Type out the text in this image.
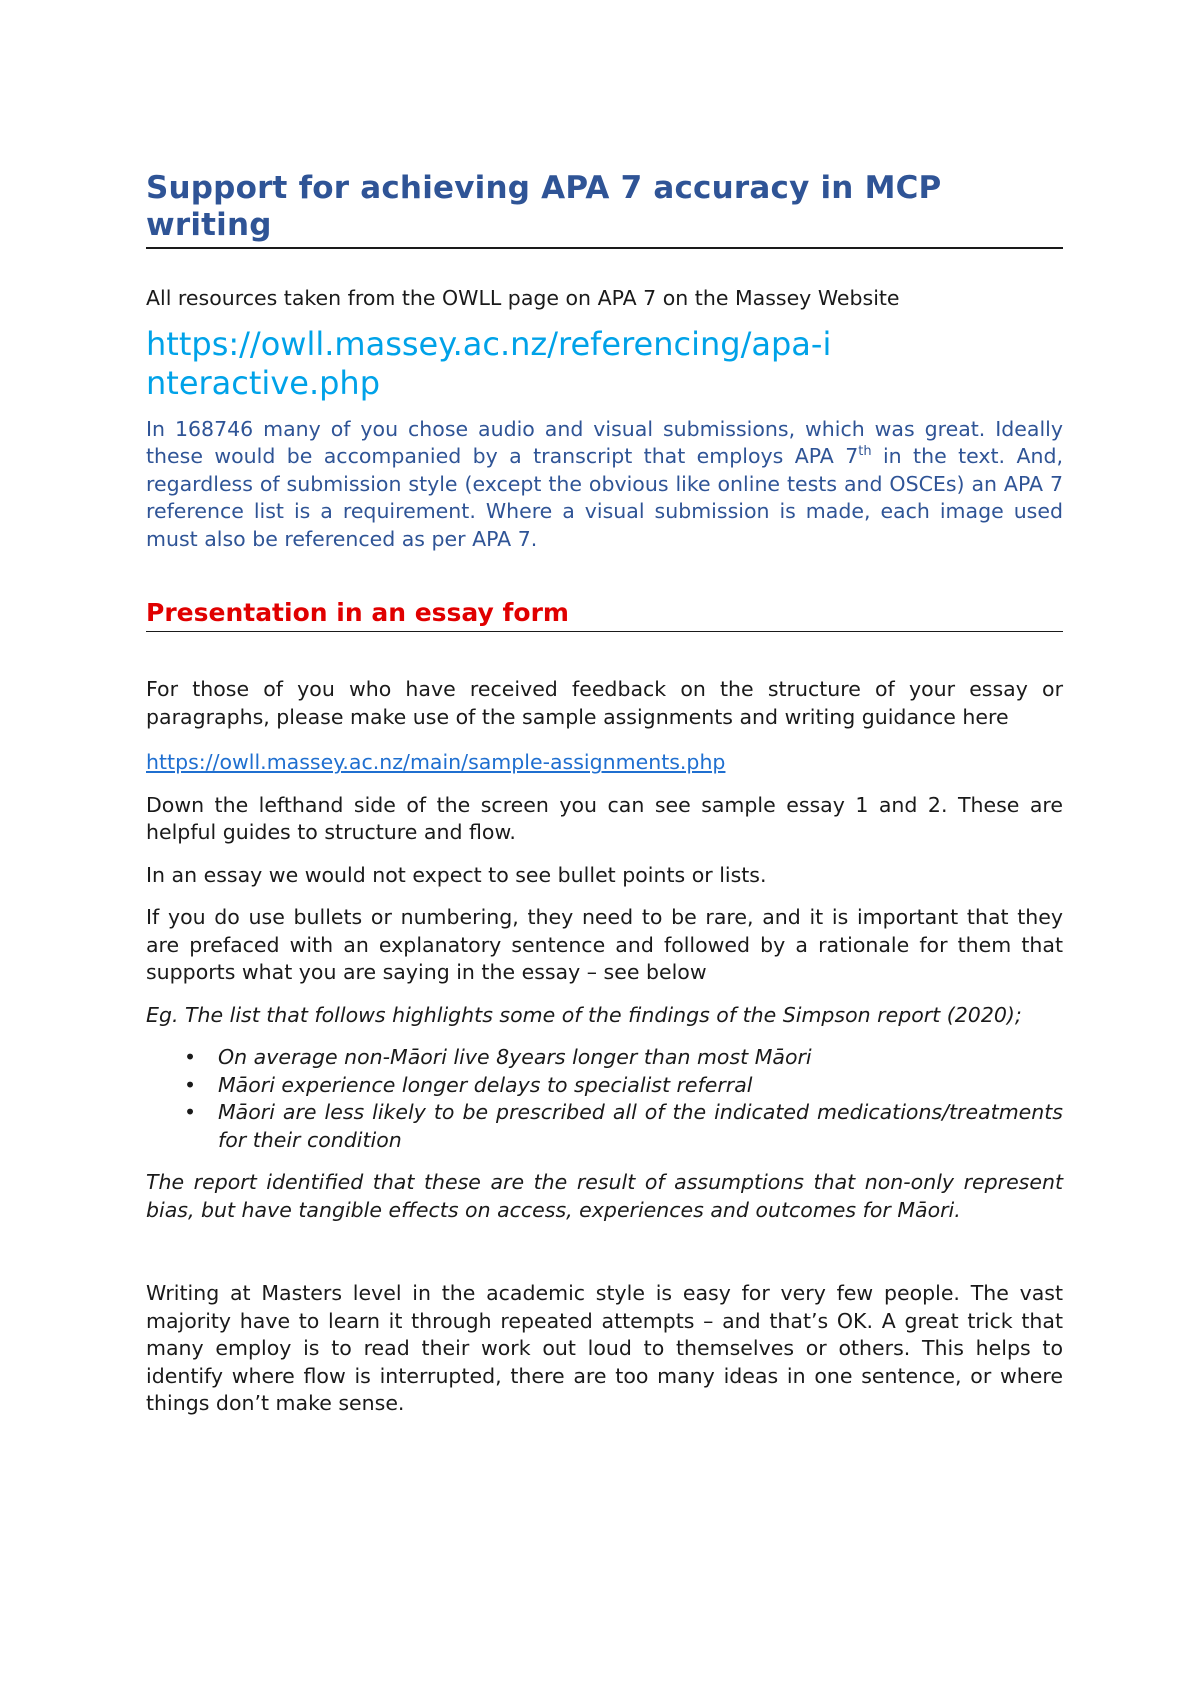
Support for achieving APA 7 accuracy in MCP writing

All resources taken from the OWLL page on APA 7 on the Massey Website

https://owll.massey.ac.nz/referencing/apa-interactive.php

In 168746 many of you chose audio and visual submissions, which was great. Ideally these would be accompanied by a transcript that employs APA 7th in the text. And, regardless of submission style (except the obvious like online tests and OSCEs) an APA 7 reference list is a requirement. Where a visual submission is made, each image used must also be referenced as per APA 7.

Presentation in an essay form

For those of you who have received feedback on the structure of your essay or paragraphs, please make use of the sample assignments and writing guidance here

https://owll.massey.ac.nz/main/sample-assignments.php

Down the lefthand side of the screen you can see sample essay 1 and 2. These are helpful guides to structure and flow.

In an essay we would not expect to see bullet points or lists.

If you do use bullets or numbering, they need to be rare, and it is important that they are prefaced with an explanatory sentence and followed by a rationale for them that supports what you are saying in the essay – see below

Eg. The list that follows highlights some of the findings of the Simpson report (2020);

• On average non-Māori live 8years longer than most Māori
• Māori experience longer delays to specialist referral
• Māori are less likely to be prescribed all of the indicated medications/treatments for their condition

The report identified that these are the result of assumptions that non-only represent bias, but have tangible effects on access, experiences and outcomes for Māori.

Writing at Masters level in the academic style is easy for very few people. The vast majority have to learn it through repeated attempts – and that’s OK. A great trick that many employ is to read their work out loud to themselves or others. This helps to identify where flow is interrupted, there are too many ideas in one sentence, or where things don’t make sense.
